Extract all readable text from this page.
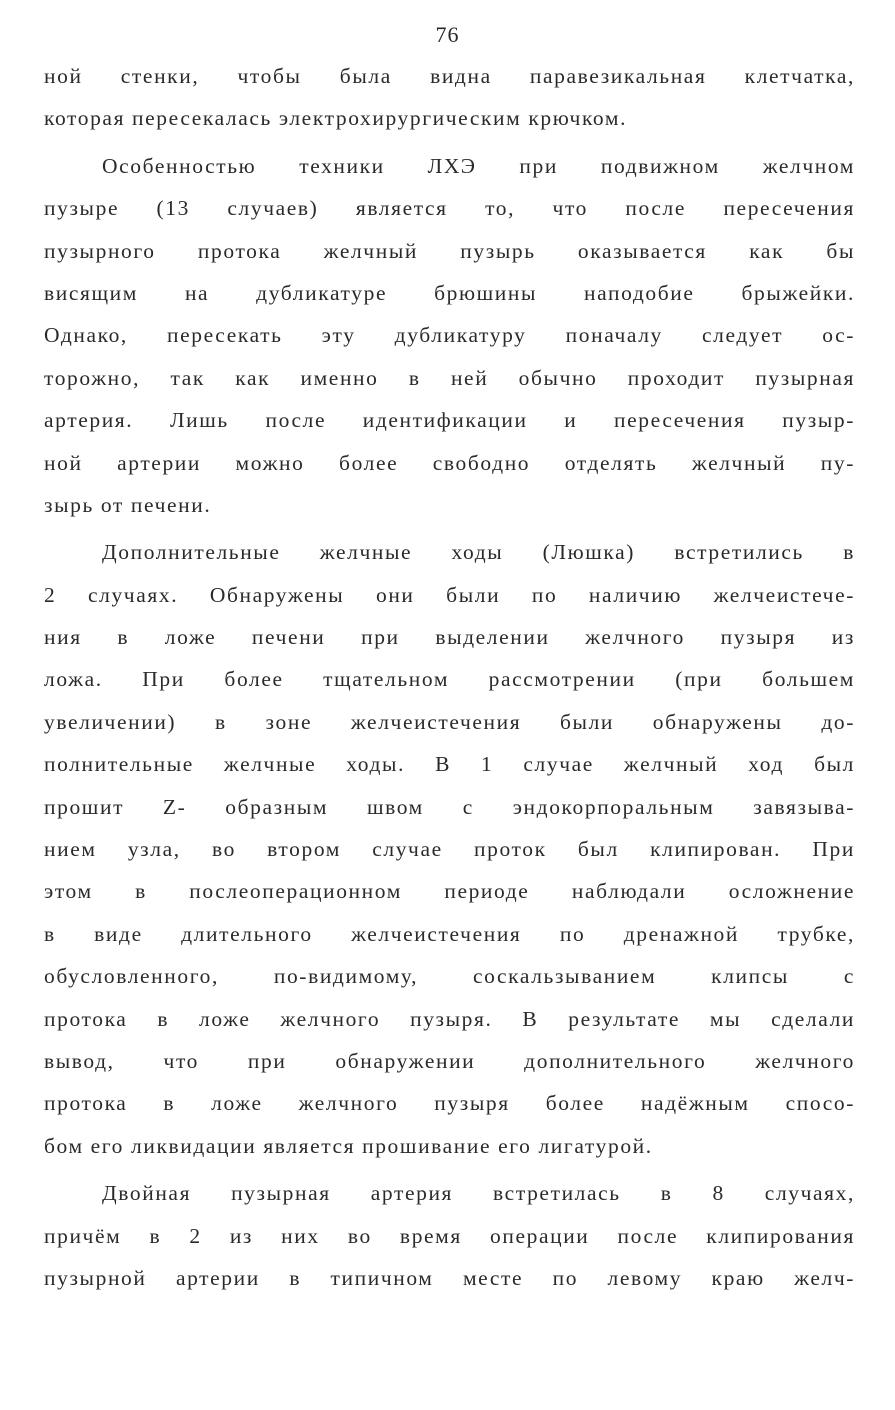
76
ной стенки, чтобы была видна паравезикальная клетчатка,
которая пересекалась электрохирургическим крючком.
Особенностью техники ЛХЭ при подвижном желчном
пузыре (13 случаев) является то, что после пересечения
пузырного протока желчный пузырь оказывается как бы
висящим на дубликатуре брюшины наподобие брыжейки.
Однако, пересекать эту дубликатуру поначалу следует ос-
торожно, так как именно в ней обычно проходит пузырная
артерия. Лишь после идентификации и пересечения пузыр-
ной артерии можно более свободно отделять желчный пу-
зырь от печени.
Дополнительные желчные ходы (Люшка) встретились в
2 случаях. Обнаружены они были по наличию желчеистече-
ния в ложе печени при выделении желчного пузыря из
ложа. При более тщательном рассмотрении (при большем
увеличении) в зоне желчеистечения были обнаружены до-
полнительные желчные ходы. В 1 случае желчный ход был
прошит Z- образным швом с эндокорпоральным завязыва-
нием узла, во втором случае проток был клипирован. При
этом в послеоперационном периоде наблюдали осложнение
в виде длительного желчеистечения по дренажной трубке,
обусловленного, по-видимому, соскальзыванием клипсы с
протока в ложе желчного пузыря. В результате мы сделали
вывод, что при обнаружении дополнительного желчного
протока в ложе желчного пузыря более надёжным спосо-
бом его ликвидации является прошивание его лигатурой.
Двойная пузырная артерия встретилась в 8 случаях,
причём в 2 из них во время операции после клипирования
пузырной артерии в типичном месте по левому краю желч-
